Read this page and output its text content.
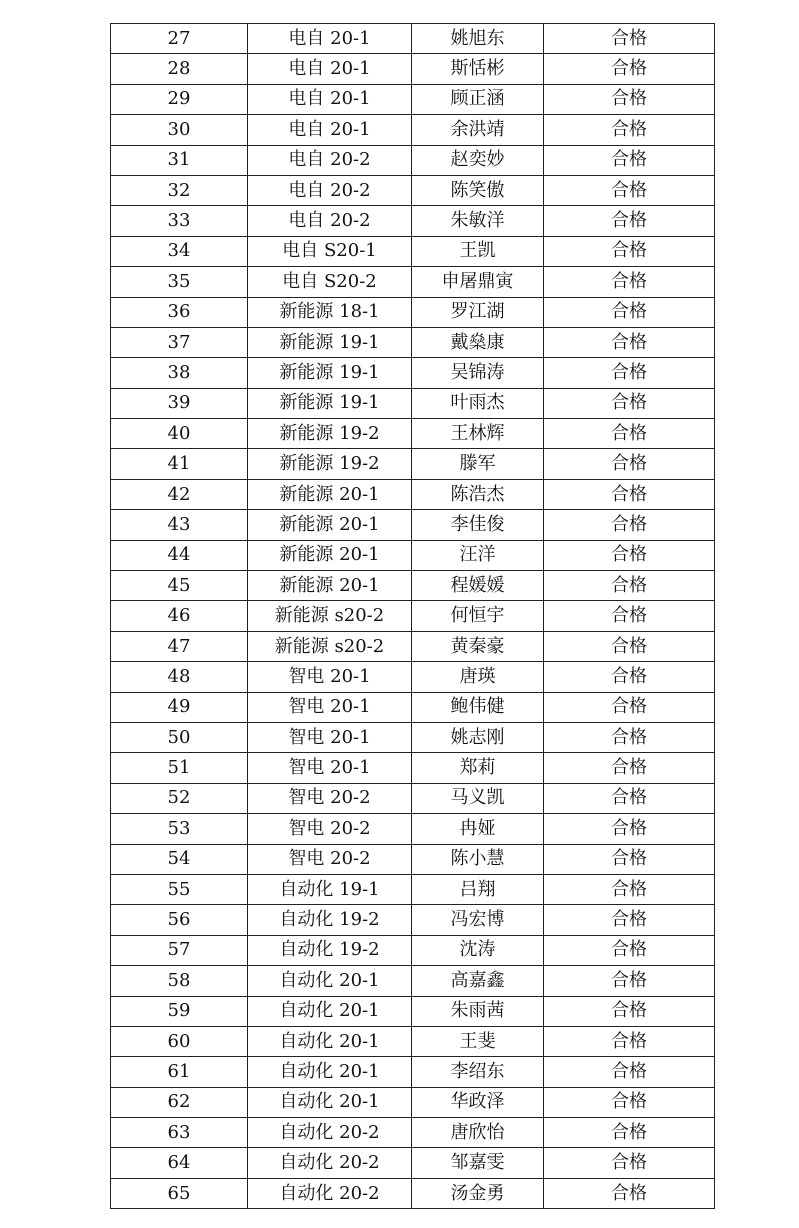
27	电自 20-1	姚旭东	合格
28	电自 20-1	斯恬彬	合格
29	电自 20-1	顾正涵	合格
30	电自 20-1	余洪靖	合格
31	电自 20-2	赵奕妙	合格
32	电自 20-2	陈笑傲	合格
33	电自 20-2	朱敏洋	合格
34	电自 S20-1	王凯	合格
35	电自 S20-2	申屠鼎寅	合格
36	新能源 18-1	罗江湖	合格
37	新能源 19-1	戴燊康	合格
38	新能源 19-1	吴锦涛	合格
39	新能源 19-1	叶雨杰	合格
40	新能源 19-2	王林辉	合格
41	新能源 19-2	滕军	合格
42	新能源 20-1	陈浩杰	合格
43	新能源 20-1	李佳俊	合格
44	新能源 20-1	汪洋	合格
45	新能源 20-1	程媛媛	合格
46	新能源 s20-2	何恒宇	合格
47	新能源 s20-2	黄秦豪	合格
48	智电 20-1	唐瑛	合格
49	智电 20-1	鲍伟健	合格
50	智电 20-1	姚志刚	合格
51	智电 20-1	郑莉	合格
52	智电 20-2	马义凯	合格
53	智电 20-2	冉娅	合格
54	智电 20-2	陈小慧	合格
55	自动化 19-1	吕翔	合格
56	自动化 19-2	冯宏博	合格
57	自动化 19-2	沈涛	合格
58	自动化 20-1	高嘉鑫	合格
59	自动化 20-1	朱雨茜	合格
60	自动化 20-1	王斐	合格
61	自动化 20-1	李绍东	合格
62	自动化 20-1	华政泽	合格
63	自动化 20-2	唐欣怡	合格
64	自动化 20-2	邹嘉雯	合格
65	自动化 20-2	汤金勇	合格
